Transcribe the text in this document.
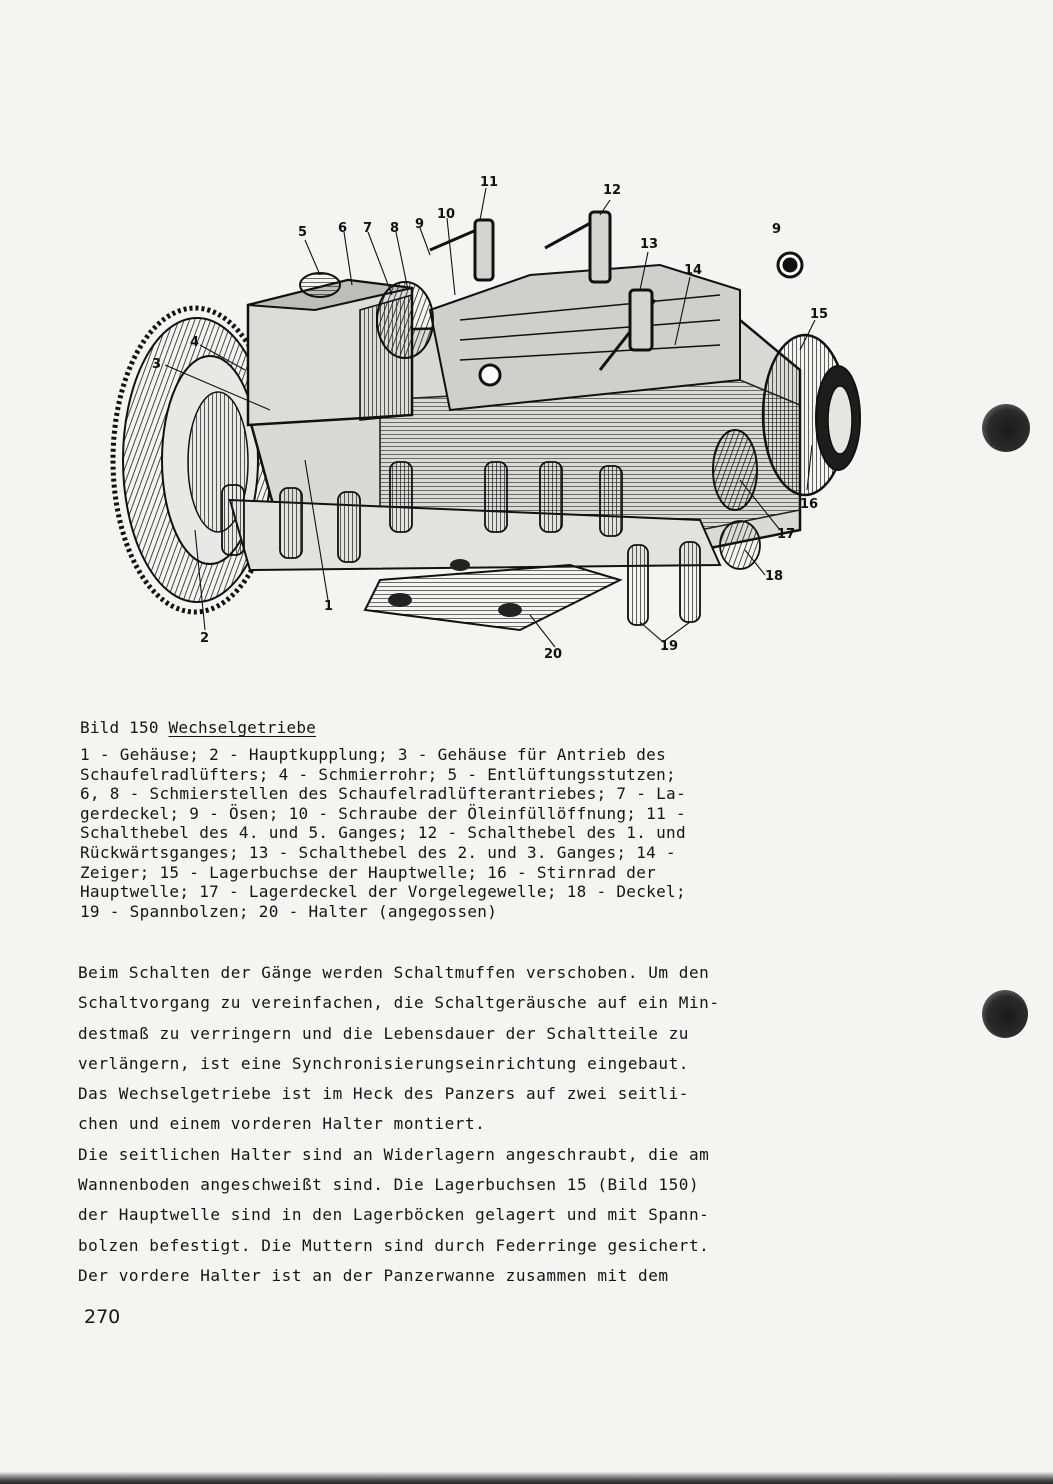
1
2
3
4
5 6 7 8 9
10
11
12
13
14
9
15
16
17
18
19
20

Bild 150 Wechselgetriebe

1 - Gehäuse; 2 - Hauptkupplung; 3 - Gehäuse für Antrieb des

Schaufelradlüfters; 4 - Schmierrohr; 5 - Entlüftungsstutzen;

6, 8 - Schmierstellen des Schaufelradlüfterantriebes; 7 - La-

gerdeckel; 9 - Ösen; 10 - Schraube der Öleinfüllöffnung; 11 -

Schalthebel des 4. und 5. Ganges; 12 - Schalthebel des 1. und

Rückwärtsganges; 13 - Schalthebel des 2. und 3. Ganges; 14 -

Zeiger; 15 - Lagerbuchse der Hauptwelle; 16 - Stirnrad der

Hauptwelle; 17 - Lagerdeckel der Vorgelegewelle; 18 - Deckel;

19 - Spannbolzen; 20 - Halter (angegossen)

Beim Schalten der Gänge werden Schaltmuffen verschoben. Um den

Schaltvorgang zu vereinfachen, die Schaltgeräusche auf ein Min-

destmaß zu verringern und die Lebensdauer der Schaltteile zu

verlängern, ist eine Synchronisierungseinrichtung eingebaut.

Das Wechselgetriebe ist im Heck des Panzers auf zwei seitli-

chen und einem vorderen Halter montiert.

Die seitlichen Halter sind an Widerlagern angeschraubt, die am

Wannenboden angeschweißt sind. Die Lagerbuchsen 15 (Bild 150)

der Hauptwelle sind in den Lagerböcken gelagert und mit Spann-

bolzen befestigt. Die Muttern sind durch Federringe gesichert.

Der vordere Halter ist an der Panzerwanne zusammen mit dem

270
